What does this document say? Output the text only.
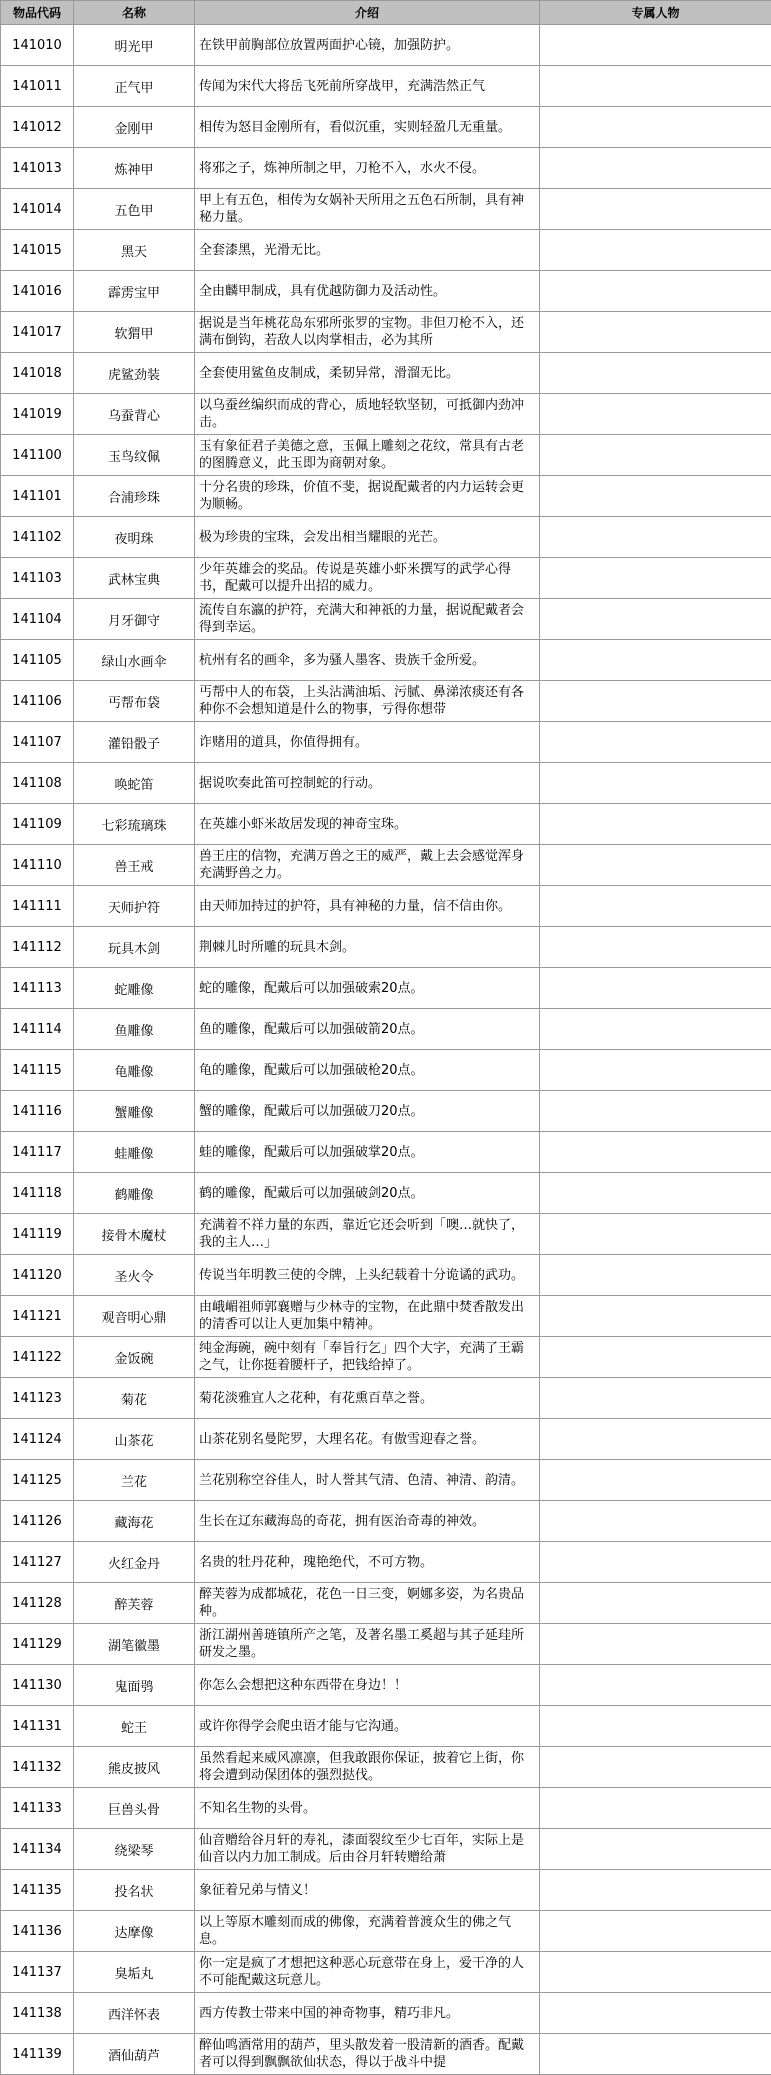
物品代码	名称	介绍	专属人物
141010	明光甲	在铁甲前胸部位放置两面护心镜，加强防护。	

141011	正气甲	传闻为宋代大将岳飞死前所穿战甲，充满浩然正气	

141012	金刚甲	相传为怒目金刚所有，看似沉重，实则轻盈几无重量。	

141013	炼神甲	将邪之子，炼神所制之甲，刀枪不入，水火不侵。	

141014	五色甲	甲上有五色，相传为女娲补天所用之五色石所制，具有神秘力量。	

141015	黑天	全套漆黑，光滑无比。	

141016	霹雳宝甲	全由麟甲制成，具有优越防御力及活动性。	

141017	软猬甲	据说是当年桃花岛东邪所张罗的宝物。非但刀枪不入，还满布倒钩，若敌人以肉掌相击，必为其所	

141018	虎鲨劲装	全套使用鲨鱼皮制成，柔韧异常，滑溜无比。	

141019	乌蚕背心	以乌蚕丝编织而成的背心，质地轻软坚韧，可抵御内劲冲击。	

141100	玉鸟纹佩	玉有象征君子美德之意，玉佩上雕刻之花纹，常具有古老的图腾意义，此玉即为商朝对象。	

141101	合浦珍珠	十分名贵的珍珠，价值不斐，据说配戴者的内力运转会更为顺畅。	

141102	夜明珠	极为珍贵的宝珠，会发出相当耀眼的光芒。	

141103	武林宝典	少年英雄会的奖品。传说是英雄小虾米撰写的武学心得书，配戴可以提升出招的威力。	

141104	月牙御守	流传自东瀛的护符，充满大和神祇的力量，据说配戴者会得到幸运。	

141105	绿山水画伞	杭州有名的画伞，多为骚人墨客、贵族千金所爱。	

141106	丐帮布袋	丐帮中人的布袋，上头沾满油垢、污腻、鼻涕浓痰还有各种你不会想知道是什么的物事，亏得你想带	

141107	灌铅骰子	诈赌用的道具，你值得拥有。	

141108	唤蛇笛	据说吹奏此笛可控制蛇的行动。	

141109	七彩琉璃珠	在英雄小虾米故居发现的神奇宝珠。	

141110	兽王戒	兽王庄的信物，充满万兽之王的威严，戴上去会感觉浑身充满野兽之力。	

141111	天师护符	由天师加持过的护符，具有神秘的力量，信不信由你。	

141112	玩具木剑	荆棘儿时所雕的玩具木剑。	

141113	蛇雕像	蛇的雕像，配戴后可以加强破索20点。	

141114	鱼雕像	鱼的雕像，配戴后可以加强破箭20点。	

141115	龟雕像	龟的雕像，配戴后可以加强破枪20点。	

141116	蟹雕像	蟹的雕像，配戴后可以加强破刀20点。	

141117	蛙雕像	蛙的雕像，配戴后可以加强破掌20点。	

141118	鹤雕像	鹤的雕像，配戴后可以加强破剑20点。	

141119	接骨木魔杖	充满着不祥力量的东西，靠近它还会听到「噢…就快了，我的主人…」	

141120	圣火令	传说当年明教三使的令牌，上头纪载着十分诡谲的武功。	

141121	观音明心鼎	由峨嵋祖师郭襄赠与少林寺的宝物，在此鼎中焚香散发出的清香可以让人更加集中精神。	

141122	金饭碗	纯金海碗，碗中刻有「奉旨行乞」四个大字，充满了王霸之气，让你挺着腰杆子，把钱给掉了。	

141123	菊花	菊花淡雅宜人之花种，有花熏百草之誉。	

141124	山茶花	山茶花别名曼陀罗，大理名花。有傲雪迎春之誉。	

141125	兰花	兰花别称空谷佳人，时人誉其气清、色清、神清、韵清。	

141126	藏海花	生长在辽东藏海岛的奇花，拥有医治奇毒的神效。	

141127	火红金丹	名贵的牡丹花种，瑰艳绝代，不可方物。	

141128	醉芙蓉	醉芙蓉为成都城花，花色一日三变，婀娜多姿，为名贵品种。	

141129	湖笔徽墨	浙江湖州善琏镇所产之笔，及著名墨工奚超与其子延珪所研发之墨。	

141130	鬼面鸮	你怎么会想把这种东西带在身边！！	

141131	蛇王	或许你得学会爬虫语才能与它沟通。	

141132	熊皮披风	虽然看起来威风凛凛，但我敢跟你保证，披着它上街，你将会遭到动保团体的强烈挞伐。	

141133	巨兽头骨	不知名生物的头骨。	

141134	绕梁琴	仙音赠给谷月轩的寿礼，漆面裂纹至少七百年，实际上是仙音以内力加工制成。后由谷月轩转赠给萧	

141135	投名状	象征着兄弟与情义！	

141136	达摩像	以上等原木雕刻而成的佛像，充满着普渡众生的佛之气息。	

141137	臭垢丸	你一定是疯了才想把这种恶心玩意带在身上，爱干净的人不可能配戴这玩意儿。	

141138	西洋怀表	西方传教士带来中国的神奇物事，精巧非凡。	

141139	酒仙葫芦	醉仙鸣酒常用的葫芦，里头散发着一股清新的酒香。配戴者可以得到飘飘欲仙状态，得以于战斗中提	
